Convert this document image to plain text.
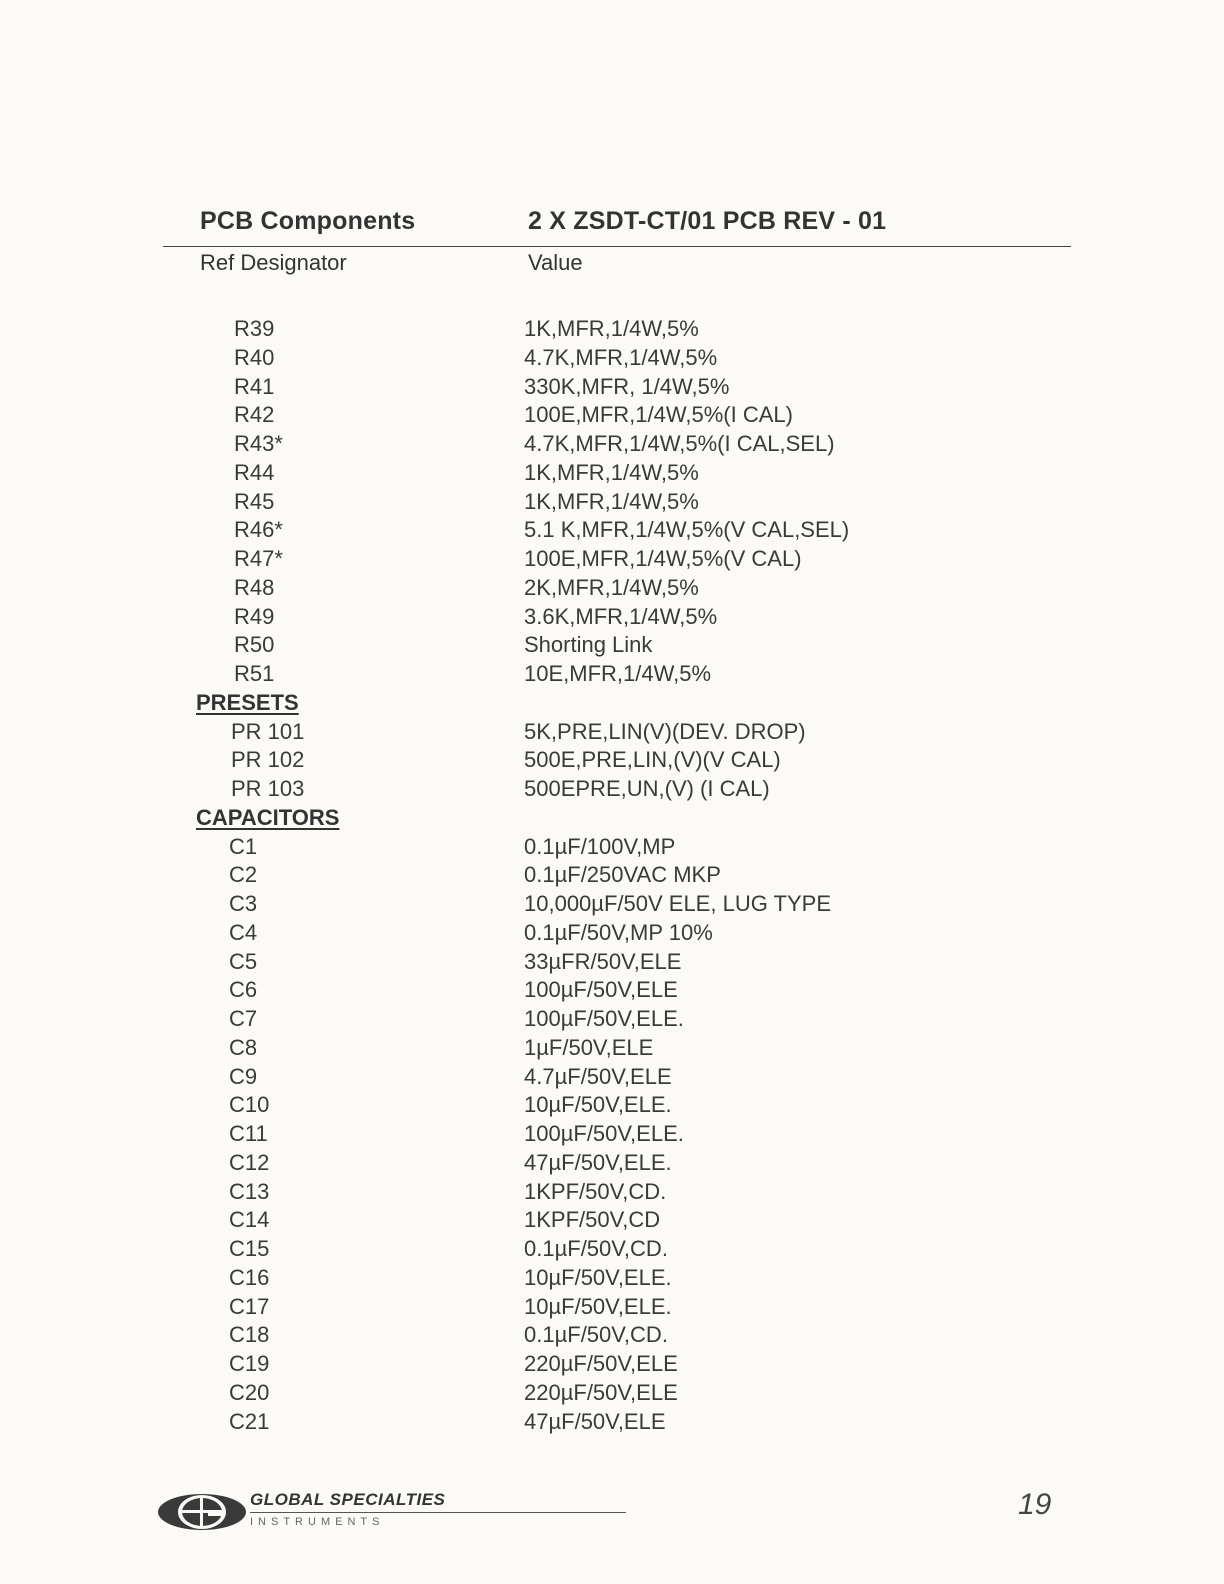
PCB Components	2 X ZSDT-CT/01 PCB REV - 01
Ref Designator	Value
R39	1K,MFR,1/4W,5%
R40	4.7K,MFR,1/4W,5%
R41	330K,MFR, 1/4W,5%
R42	100E,MFR,1/4W,5%(I CAL)
R43*	4.7K,MFR,1/4W,5%(I CAL,SEL)
R44	1K,MFR,1/4W,5%
R45	1K,MFR,1/4W,5%
R46*	5.1 K,MFR,1/4W,5%(V CAL,SEL)
R47*	100E,MFR,1/4W,5%(V CAL)
R48	2K,MFR,1/4W,5%
R49	3.6K,MFR,1/4W,5%
R50	Shorting Link
R51	10E,MFR,1/4W,5%
PRESETS
PR 101	5K,PRE,LIN(V)(DEV. DROP)
PR 102	500E,PRE,LIN,(V)(V CAL)
PR 103	500EPRE,UN,(V) (I CAL)
CAPACITORS
C1	0.1µF/100V,MP
C2	0.1µF/250VAC MKP
C3	10,000µF/50V ELE, LUG TYPE
C4	0.1µF/50V,MP 10%
C5	33µFR/50V,ELE
C6	100µF/50V,ELE
C7	100µF/50V,ELE.
C8	1µF/50V,ELE
C9	4.7µF/50V,ELE
C10	10µF/50V,ELE.
C11	100µF/50V,ELE.
C12	47µF/50V,ELE.
C13	1KPF/50V,CD.
C14	1KPF/50V,CD
C15	0.1µF/50V,CD.
C16	10µF/50V,ELE.
C17	10µF/50V,ELE.
C18	0.1µF/50V,CD.
C19	220µF/50V,ELE
C20	220µF/50V,ELE
C21	47µF/50V,ELE
GLOBAL SPECIALTIES
INSTRUMENTS
19
